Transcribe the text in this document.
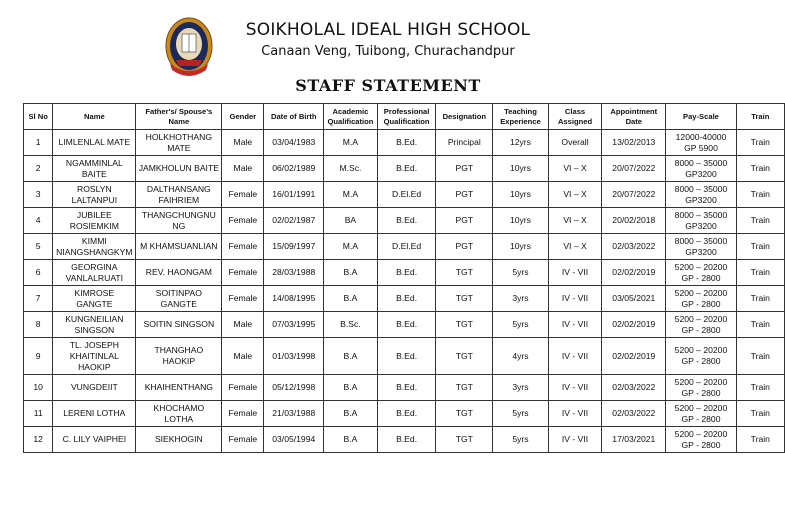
SOIKHOLAL IDEAL HIGH SCHOOL
Canaan Veng, Tuibong, Churachandpur
STAFF STATEMENT
Sl No	Name	Father's/ Spouse's Name	Gender	Date of Birth	Academic Qualification	Professional Qualification	Designation	Teaching Experience	Class Assigned	Appointment Date	Pay-Scale	Train
1	LIMLENLAL MATE	HOLKHOTHANG MATE	Male	03/04/1983	M.A	B.Ed.	Principal	12yrs	Overall	13/02/2013	12000-40000 GP 5900	Train
2	NGAMMINLAL BAITE	JAMKHOLUN BAITE	Male	06/02/1989	M.Sc.	B.Ed.	PGT	10yrs	VI – X	20/07/2022	8000 – 35000 GP3200	Train
3	ROSLYN LALTANPUI	DALTHANSANG FAIHRIEM	Female	16/01/1991	M.A	D.El.Ed	PGT	10yrs	VI – X	20/07/2022	8000 – 35000 GP3200	Train
4	JUBILEE ROSIEMKIM	THANGCHUNGNU NG	Female	02/02/1987	BA	B.Ed.	PGT	10yrs	VI – X	20/02/2018	8000 – 35000 GP3200	Train
5	KIMMI NIANGSHANGKYM	M KHAMSUANLIAN	Female	15/09/1997	M.A	D.El.Ed	PGT	10yrs	VI – X	02/03/2022	8000 – 35000 GP3200	Train
6	GEORGINA VANLALRUATI	REV. HAONGAM	Female	28/03/1988	B.A	B.Ed.	TGT	5yrs	IV - VII	02/02/2019	5200 – 20200 GP - 2800	Train
7	KIMROSE GANGTE	SOITINPAO GANGTE	Female	14/08/1995	B.A	B.Ed.	TGT	3yrs	IV - VII	03/05/2021	5200 – 20200 GP - 2800	Train
8	KUNGNEILIAN SINGSON	SOITIN SINGSON	Male	07/03/1995	B.Sc.	B.Ed.	TGT	5yrs	IV - VII	02/02/2019	5200 – 20200 GP - 2800	Train
9	TL. JOSEPH KHAITINLAL HAOKIP	THANGHAO HAOKIP	Male	01/03/1998	B.A	B.Ed.	TGT	4yrs	IV - VII	02/02/2019	5200 – 20200 GP - 2800	Train
10	VUNGDEIIT	KHAIHENTHANG	Female	05/12/1998	B.A	B.Ed.	TGT	3yrs	IV - VII	02/03/2022	5200 – 20200 GP - 2800	Train
11	LERENI LOTHA	KHOCHAMO LOTHA	Female	21/03/1988	B.A	B.Ed.	TGT	5yrs	IV - VII	02/03/2022	5200 – 20200 GP - 2800	Train
12	C. LILY VAIPHEI	SIEKHOGIN	Female	03/05/1994	B.A	B.Ed.	TGT	5yrs	IV - VII	17/03/2021	5200 – 20200 GP - 2800	Train
